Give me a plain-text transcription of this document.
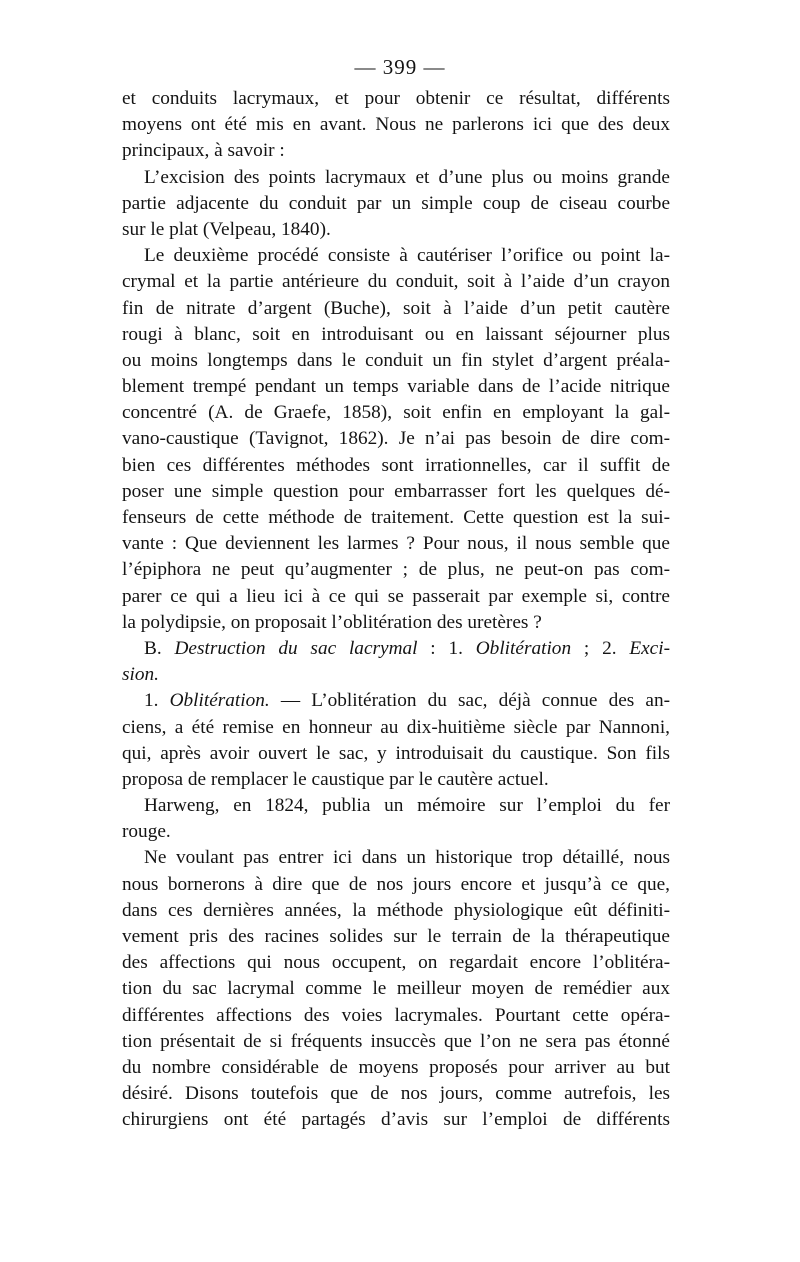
— 399 —
et conduits lacrymaux, et pour obtenir ce résultat, différents
moyens ont été mis en avant. Nous ne parlerons ici que des deux
principaux, à savoir :
L’excision des points lacrymaux et d’une plus ou moins grande
partie adjacente du conduit par un simple coup de ciseau courbe
sur le plat (Velpeau, 1840).
Le deuxième procédé consiste à cautériser l’orifice ou point la-
crymal et la partie antérieure du conduit, soit à l’aide d’un crayon
fin de nitrate d’argent (Buche), soit à l’aide d’un petit cautère
rougi à blanc, soit en introduisant ou en laissant séjourner plus
ou moins longtemps dans le conduit un fin stylet d’argent préala-
blement trempé pendant un temps variable dans de l’acide nitrique
concentré (A. de Graefe, 1858), soit enfin en employant la gal-
vano-caustique (Tavignot, 1862). Je n’ai pas besoin de dire com-
bien ces différentes méthodes sont irrationnelles, car il suffit de
poser une simple question pour embarrasser fort les quelques dé-
fenseurs de cette méthode de traitement. Cette question est la sui-
vante : Que deviennent les larmes ? Pour nous, il nous semble que
l’épiphora ne peut qu’augmenter ; de plus, ne peut-on pas com-
parer ce qui a lieu ici à ce qui se passerait par exemple si, contre
la polydipsie, on proposait l’oblitération des uretères ?
B. Destruction du sac lacrymal : 1. Oblitération ; 2. Exci-
sion.
1. Oblitération. — L’oblitération du sac, déjà connue des an-
ciens, a été remise en honneur au dix-huitième siècle par Nannoni,
qui, après avoir ouvert le sac, y introduisait du caustique. Son fils
proposa de remplacer le caustique par le cautère actuel.
Harweng, en 1824, publia un mémoire sur l’emploi du fer
rouge.
Ne voulant pas entrer ici dans un historique trop détaillé, nous
nous bornerons à dire que de nos jours encore et jusqu’à ce que,
dans ces dernières années, la méthode physiologique eût définiti-
vement pris des racines solides sur le terrain de la thérapeutique
des affections qui nous occupent, on regardait encore l’oblitéra-
tion du sac lacrymal comme le meilleur moyen de remédier aux
différentes affections des voies lacrymales. Pourtant cette opéra-
tion présentait de si fréquents insuccès que l’on ne sera pas étonné
du nombre considérable de moyens proposés pour arriver au but
désiré. Disons toutefois que de nos jours, comme autrefois, les
chirurgiens ont été partagés d’avis sur l’emploi de différents
